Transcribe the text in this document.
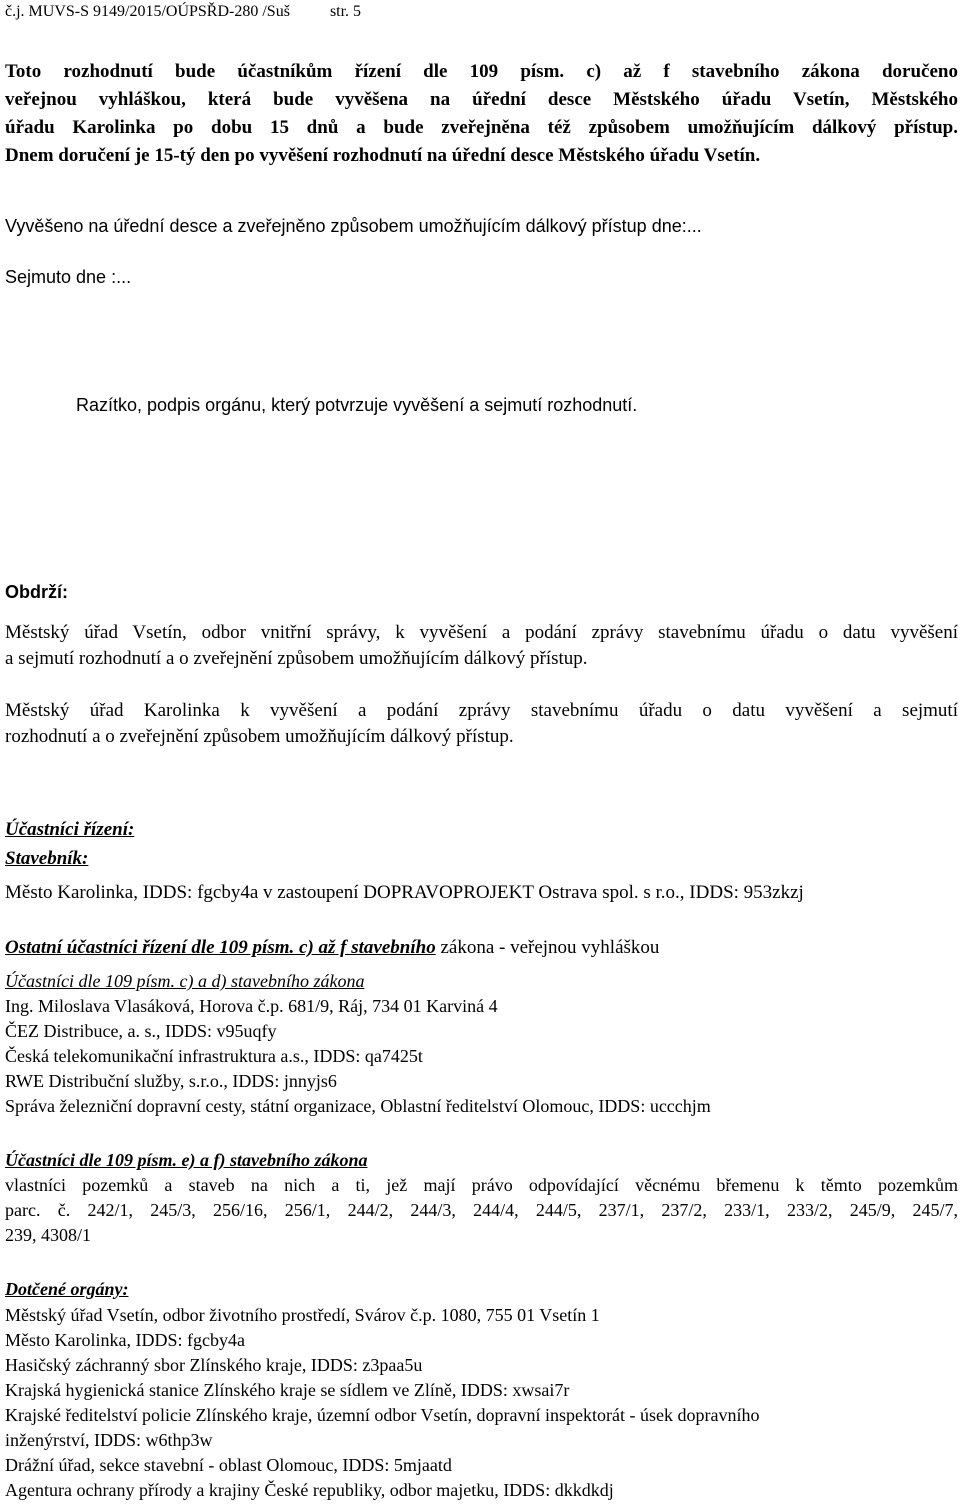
č.j. MUVS-S 9149/2015/OÚPSŘD-280 /Suš	str. 5
Toto rozhodnutí bude účastníkům řízení dle 109 písm. c) až f stavebního zákona doručeno
veřejnou vyhláškou, která bude vyvěšena na úřední desce Městského úřadu Vsetín, Městského
úřadu Karolinka po dobu 15 dnů a bude zveřejněna též způsobem umožňujícím dálkový přístup.
Dnem doručení je 15-tý den po vyvěšení rozhodnutí na úřední desce Městského úřadu Vsetín.
Vyvěšeno na úřední desce a zveřejněno způsobem umožňujícím dálkový přístup dne:...
Sejmuto dne :...
Razítko, podpis orgánu, který potvrzuje vyvěšení a sejmutí rozhodnutí.
Obdrží:
Městský úřad Vsetín, odbor vnitřní správy, k vyvěšení a podání zprávy stavebnímu úřadu o datu vyvěšení
a sejmutí rozhodnutí a o zveřejnění způsobem umožňujícím dálkový přístup.
Městský úřad Karolinka k vyvěšení a podání zprávy stavebnímu úřadu o datu vyvěšení a sejmutí
rozhodnutí a o zveřejnění způsobem umožňujícím dálkový přístup.
Účastníci řízení:
Stavebník:
Město Karolinka, IDDS: fgcby4a v zastoupení DOPRAVOPROJEKT Ostrava spol. s r.o., IDDS: 953zkzj
Ostatní účastníci řízení dle 109 písm. c) až f stavebního zákona - veřejnou vyhláškou
Účastníci dle 109 písm. c) a d) stavebního zákona
Ing. Miloslava Vlasáková, Horova č.p. 681/9, Ráj, 734 01 Karviná 4
ČEZ Distribuce, a. s., IDDS: v95uqfy
Česká telekomunikační infrastruktura a.s., IDDS: qa7425t
RWE Distribuční služby, s.r.o., IDDS: jnnyjs6
Správa železniční dopravní cesty, státní organizace, Oblastní ředitelství Olomouc, IDDS: uccchjm
Účastníci dle 109 písm. e) a f) stavebního zákona
vlastníci pozemků a staveb na nich a ti, jež mají právo odpovídající věcnému břemenu k těmto pozemkům
parc. č. 242/1, 245/3, 256/16, 256/1, 244/2, 244/3, 244/4, 244/5, 237/1, 237/2, 233/1, 233/2, 245/9, 245/7,
239, 4308/1
Dotčené orgány:
Městský úřad Vsetín, odbor životního prostředí, Svárov č.p. 1080, 755 01 Vsetín 1
Město Karolinka, IDDS: fgcby4a
Hasičský záchranný sbor Zlínského kraje, IDDS: z3paa5u
Krajská hygienická stanice Zlínského kraje se sídlem ve Zlíně, IDDS: xwsai7r
Krajské ředitelství policie Zlínského kraje, územní odbor Vsetín, dopravní inspektorát - úsek dopravního
inženýrství, IDDS: w6thp3w
Drážní úřad, sekce stavební - oblast Olomouc, IDDS: 5mjaatd
Agentura ochrany přírody a krajiny České republiky, odbor majetku, IDDS: dkkdkdj
